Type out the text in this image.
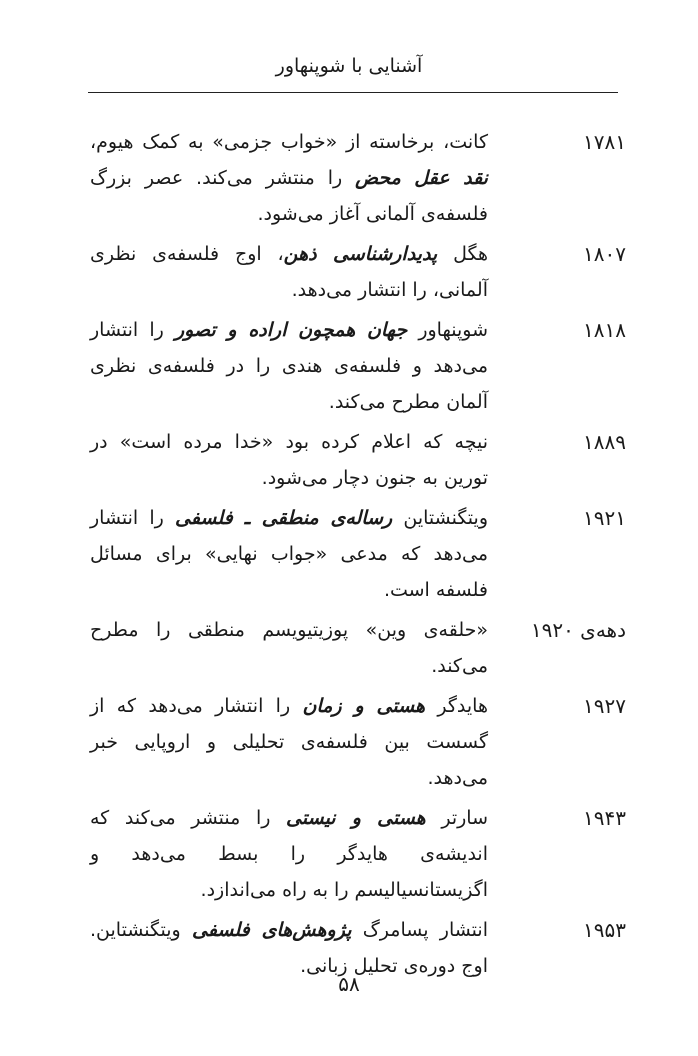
آشنایی با شوپنهاور
۱۷۸۱
کانت، برخاسته از «خواب جزمی» به کمک هیوم، نقد عقل محض را منتشر می‌کند. عصر بزرگ فلسفه‌ی آلمانی آغاز می‌شود.
۱۸۰۷
هگل پدیدارشناسی ذهن، اوج فلسفه‌ی نظری آلمانی، را انتشار می‌دهد.
۱۸۱۸
شوپنهاور جهان همچون اراده و تصور را انتشار می‌دهد و فلسفه‌ی هندی را در فلسفه‌ی نظری آلمان مطرح می‌کند.
۱۸۸۹
نیچه که اعلام کرده بود «خدا مرده است» در تورین به جنون دچار می‌شود.
۱۹۲۱
ویتگنشتاین رساله‌ی منطقی ـ فلسفی را انتشار می‌دهد که مدعی «جواب نهایی» برای مسائل فلسفه است.
دهه‌ی ۱۹۲۰
«حلقه‌ی وین» پوزیتیویسم منطقی را مطرح می‌کند.
۱۹۲۷
هایدگر هستی و زمان را انتشار می‌دهد که از گسست بین فلسفه‌ی تحلیلی و اروپایی خبر می‌دهد.
۱۹۴۳
سارتر هستی و نیستی را منتشر می‌کند که اندیشه‌ی هایدگر را بسط می‌دهد و اگزیستانسیالیسم را به راه می‌اندازد.
۱۹۵۳
انتشار پسامرگ پژوهش‌های فلسفی ویتگنشتاین. اوج دوره‌ی تحلیل زبانی.
۵۸
